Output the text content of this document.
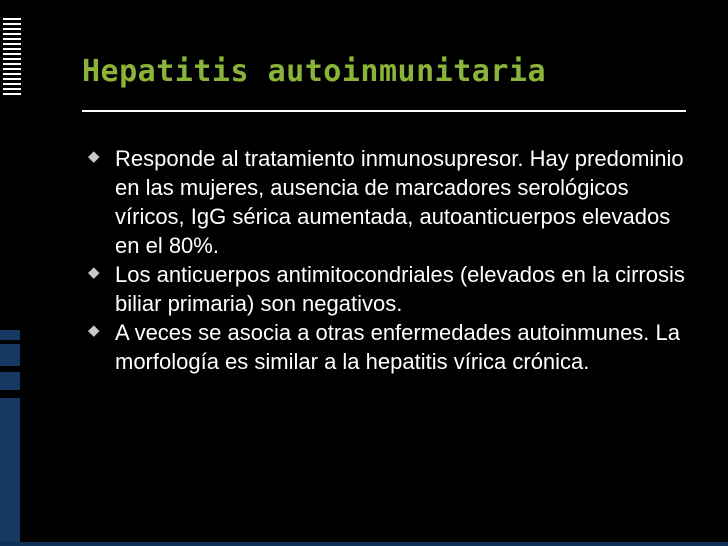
Hepatitis autoinmunitaria
◆ Responde al tratamiento inmunosupresor. Hay predominio en las mujeres, ausencia de marcadores serológicos víricos, IgG sérica aumentada, autoanticuerpos elevados en el 80%.
◆ Los anticuerpos antimitocondriales (elevados en la cirrosis biliar primaria) son negativos.
◆ A veces se asocia a otras enfermedades autoinmunes. La morfología es similar a la hepatitis vírica crónica.
